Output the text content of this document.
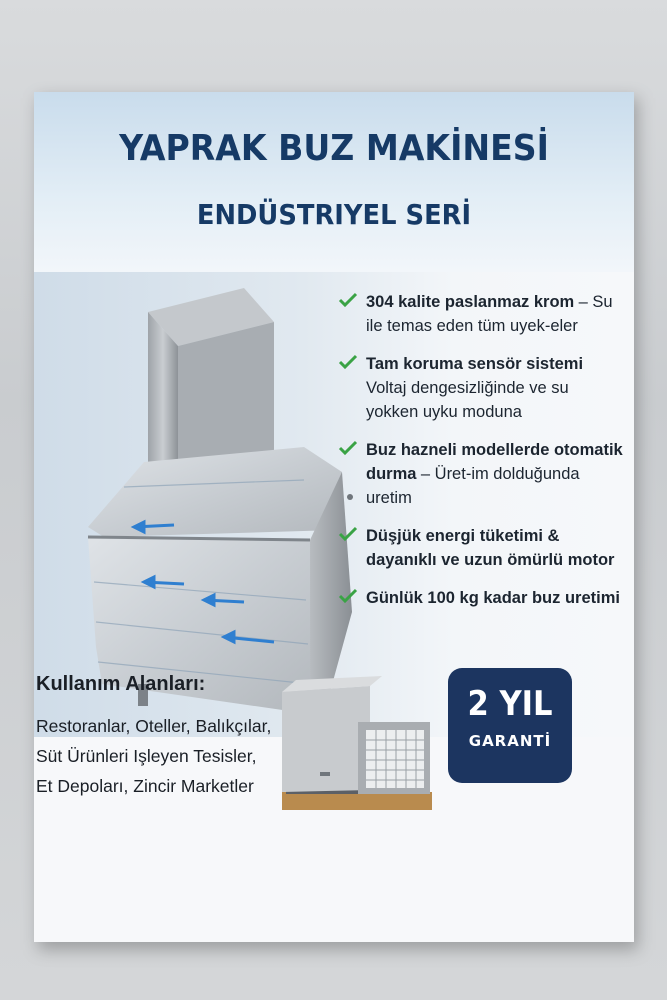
YAPRAK BUZ MAKİNESİ
ENDÜSTRIYEL SERİ
304 kalite paslanmaz krom – Su ile temas eden tüm uyek-eler
Tam koruma sensör sistemi Voltaj dengesizliğinde ve su yokken uyku moduna
Buz hazneli modellerde otomatik durma – Üret-im dolduğunda uretim
Düşjük energi tüketimi & dayanıklı ve uzun ömürlü motor
Günlük 100 kg kadar buz uretimi
Kullanım Alanları:
Restoranlar, Oteller, Balıkçılar, Süt Ürünleri Işleyen Tesisler, Et Depoları, Zincir Marketler
2 YIL
GARANTİ
